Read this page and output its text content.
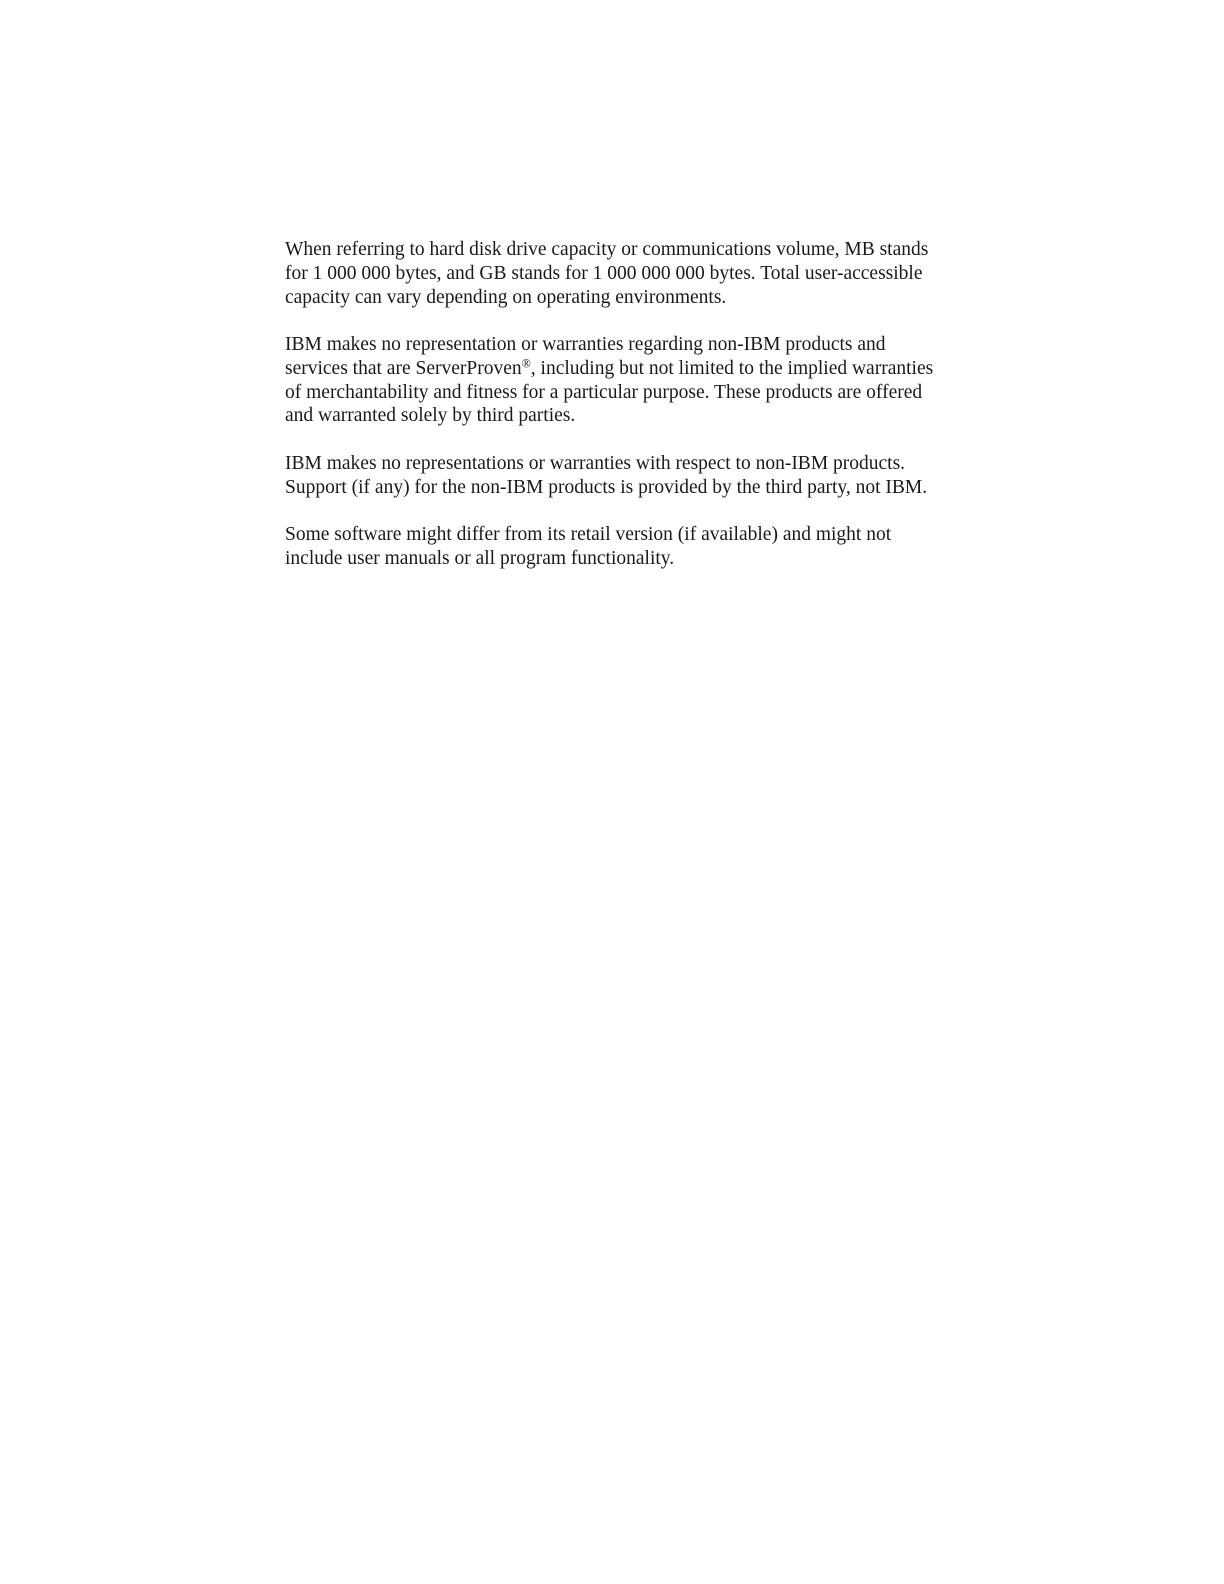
When referring to hard disk drive capacity or communications volume, MB stands
for 1 000 000 bytes, and GB stands for 1 000 000 000 bytes. Total user-accessible
capacity can vary depending on operating environments.

IBM makes no representation or warranties regarding non-IBM products and
services that are ServerProven®, including but not limited to the implied warranties
of merchantability and fitness for a particular purpose. These products are offered
and warranted solely by third parties.

IBM makes no representations or warranties with respect to non-IBM products.
Support (if any) for the non-IBM products is provided by the third party, not IBM.

Some software might differ from its retail version (if available) and might not
include user manuals or all program functionality.
